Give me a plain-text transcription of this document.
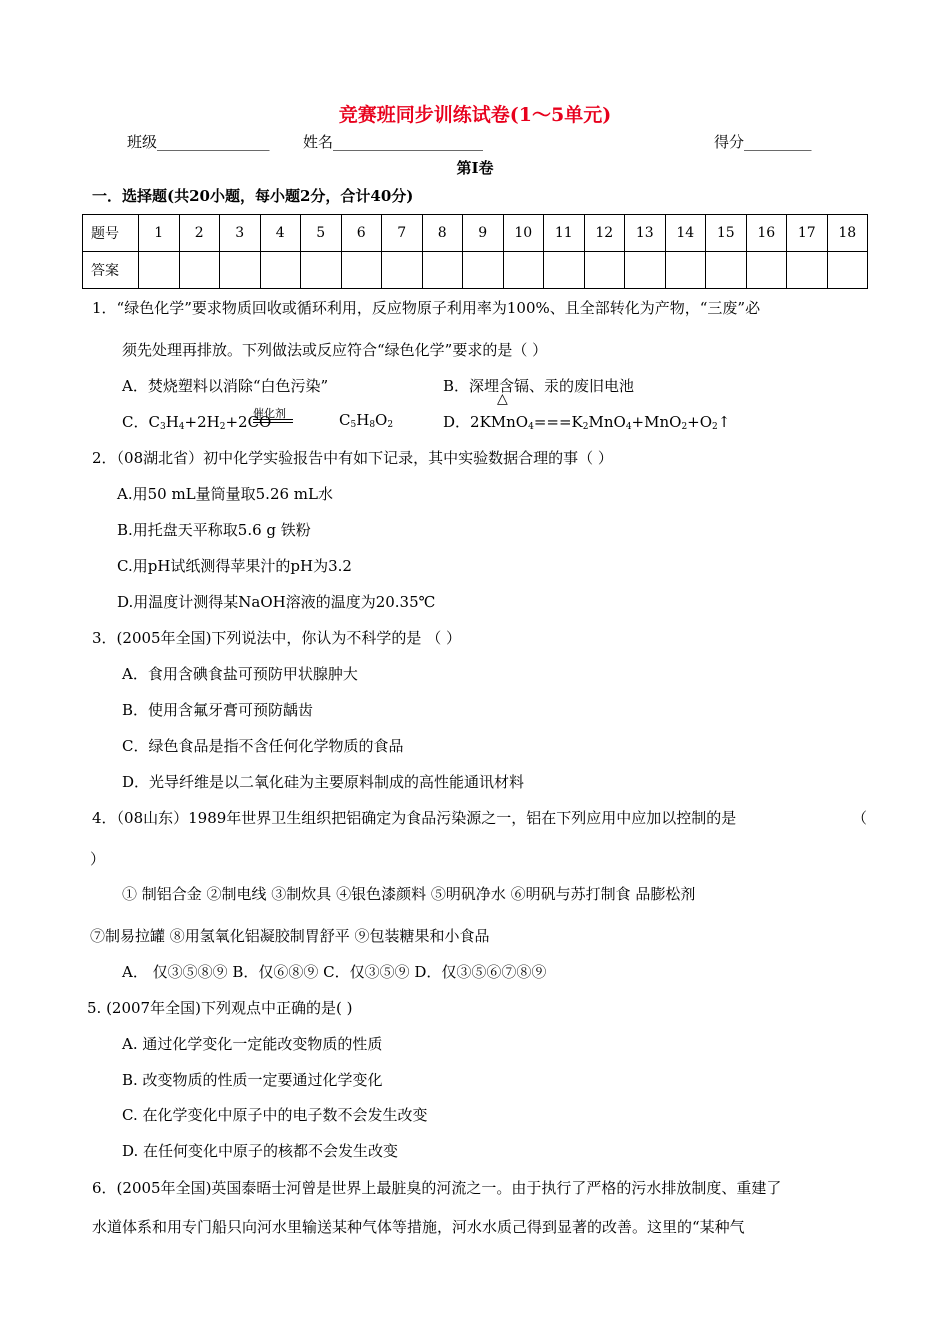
竞赛班同步训练试卷(1～5单元)
班级_______________ 姓名____________________	得分_________
第Ⅰ卷
一．选择题(共20小题，每小题2分，合计40分)
题号	1	2	3	4	5	6	7	8	9	10	11	12	13	14	15	16	17	18
答案																		
1．“绿色化学”要求物质回收或循环利用，反应物原子利用率为100%、且全部转化为产物，“三废”必
须先处理再排放。下列做法或反应符合“绿色化学”要求的是（ ）
A．焚烧塑料以消除“白色污染”	B．深埋含镉、汞的废旧电池
C．$C_3H_4+2H_2+2CO$
催化剂	$C_5H_8O_2$
△
D．$2KMnO_4===K_2MnO_4+MnO_2+O_2↑$
2．（08湖北省）初中化学实验报告中有如下记录，其中实验数据合理的事（ ）
A.用50 mL量筒量取5.26 mL水
B.用托盘天平称取5.6 g 铁粉
C.用pH试纸测得苹果汁的pH为3.2
D.用温度计测得某NaOH溶液的温度为20.35℃
3．(2005年全国)下列说法中，你认为不科学的是 （ ）
A．食用含碘食盐可预防甲状腺肿大
B．使用含氟牙膏可预防龋齿
C．绿色食品是指不含任何化学物质的食品
D．光导纤维是以二氧化硅为主要原料制成的高性能通讯材料
4．（08山东）1989年世界卫生组织把铝确定为食品污染源之一，铝在下列应用中应加以控制的是	（
）
① 制铝合金 ②制电线 ③制炊具 ④银色漆颜料 ⑤明矾净水 ⑥明矾与苏打制食 品膨松剂
⑦制易拉罐 ⑧用氢氧化铝凝胶制胃舒平 ⑨包装糖果和小食品
A． 仅③⑤⑧⑨ B．仅⑥⑧⑨ C．仅③⑤⑨ D．仅③⑤⑥⑦⑧⑨
5. (2007年全国)下列观点中正确的是( )
A. 通过化学变化一定能改变物质的性质
B. 改变物质的性质一定要通过化学变化
C. 在化学变化中原子中的电子数不会发生改变
D. 在任何变化中原子的核都不会发生改变
6．(2005年全国)英国泰晤士河曾是世界上最脏臭的河流之一。由于执行了严格的污水排放制度、重建了
水道体系和用专门船只向河水里输送某种气体等措施，河水水质己得到显著的改善。这里的“某种气
